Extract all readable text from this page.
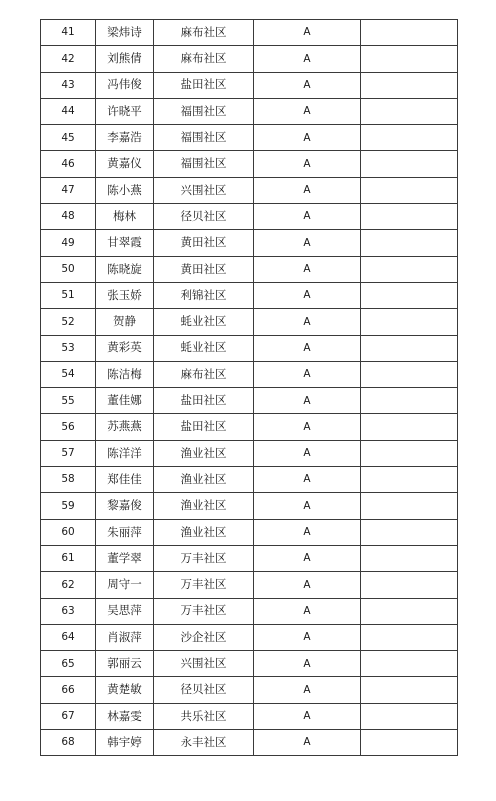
41	梁炜诗	麻布社区	A	
42	刘熊倩	麻布社区	A	
43	冯伟俊	盐田社区	A	
44	许晓平	福围社区	A	
45	李嘉浩	福围社区	A	
46	黄嘉仪	福围社区	A	
47	陈小燕	兴围社区	A	
48	梅林	径贝社区	A	
49	甘翠霞	黄田社区	A	
50	陈晓旋	黄田社区	A	
51	张玉娇	利锦社区	A	
52	贺静	蚝业社区	A	
53	黄彩英	蚝业社区	A	
54	陈洁梅	麻布社区	A	
55	董佳娜	盐田社区	A	
56	苏燕燕	盐田社区	A	
57	陈洋洋	渔业社区	A	
58	郑佳佳	渔业社区	A	
59	黎嘉俊	渔业社区	A	
60	朱丽萍	渔业社区	A	
61	董学翠	万丰社区	A	
62	周守一	万丰社区	A	
63	吴思萍	万丰社区	A	
64	肖淑萍	沙企社区	A	
65	郭丽云	兴围社区	A	
66	黄楚敏	径贝社区	A	
67	林嘉雯	共乐社区	A	
68	韩宇婷	永丰社区	A	
